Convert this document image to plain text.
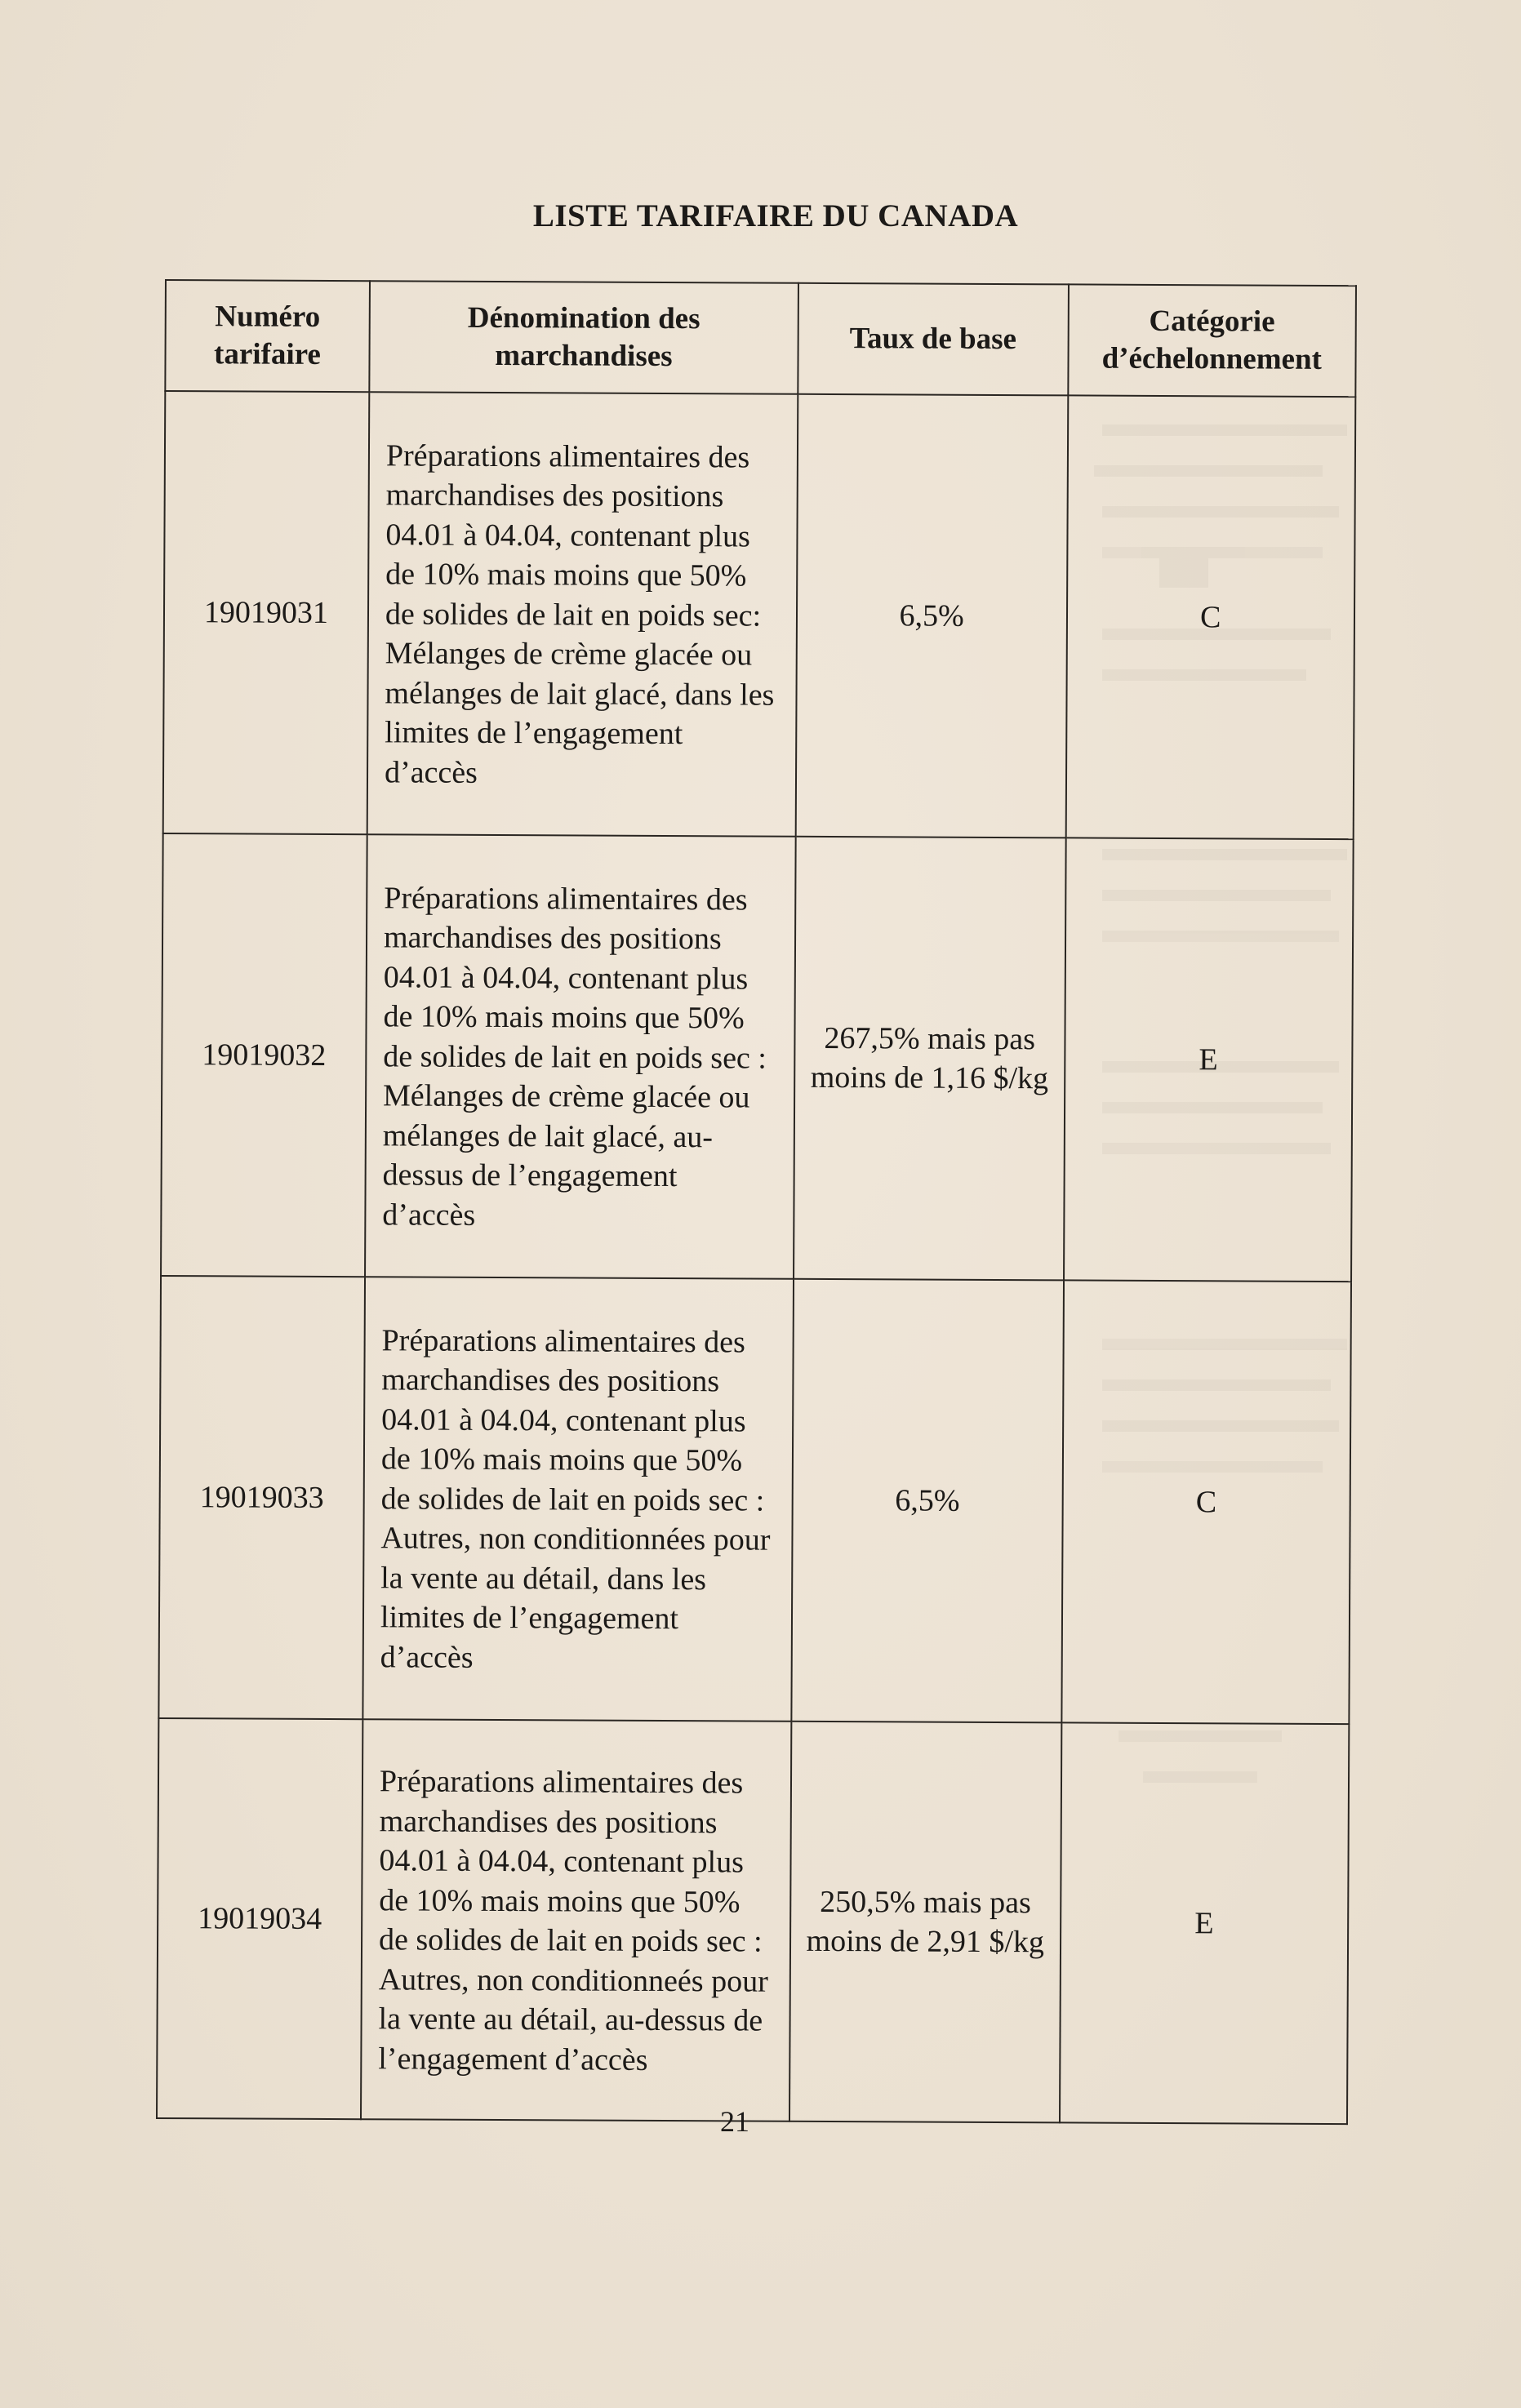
LISTE TARIFAIRE DU CANADA
Numéro tarifaire	Dénomination des marchandises	Taux de base	Catégorie d’échelonnement
19019031	Préparations alimentaires des marchandises des positions 04.01 à 04.04, contenant plus de 10% mais moins que 50% de solides de lait en poids sec: Mélanges de crème glacée ou mélanges de lait glacé, dans les limites de l’engagement d’accès	6,5%	C
19019032	Préparations alimentaires des marchandises des positions 04.01 à 04.04, contenant plus de 10% mais moins que 50% de solides de lait en poids sec : Mélanges de crème glacée ou mélanges de lait glacé, au-dessus de l’engagement d’accès	267,5% mais pas moins de 1,16 $/kg	E
19019033	Préparations alimentaires des marchandises des positions 04.01 à 04.04, contenant plus de 10% mais moins que 50% de solides de lait en poids sec : Autres, non conditionnées pour la vente au détail, dans les limites de l’engagement d’accès	6,5%	C
19019034	Préparations alimentaires des marchandises des positions 04.01 à 04.04, contenant plus de 10% mais moins que 50% de solides de lait en poids sec : Autres, non conditionneés pour la vente au détail, au-dessus de l’engagement d’accès	250,5% mais pas moins de 2,91 $/kg	E
21
